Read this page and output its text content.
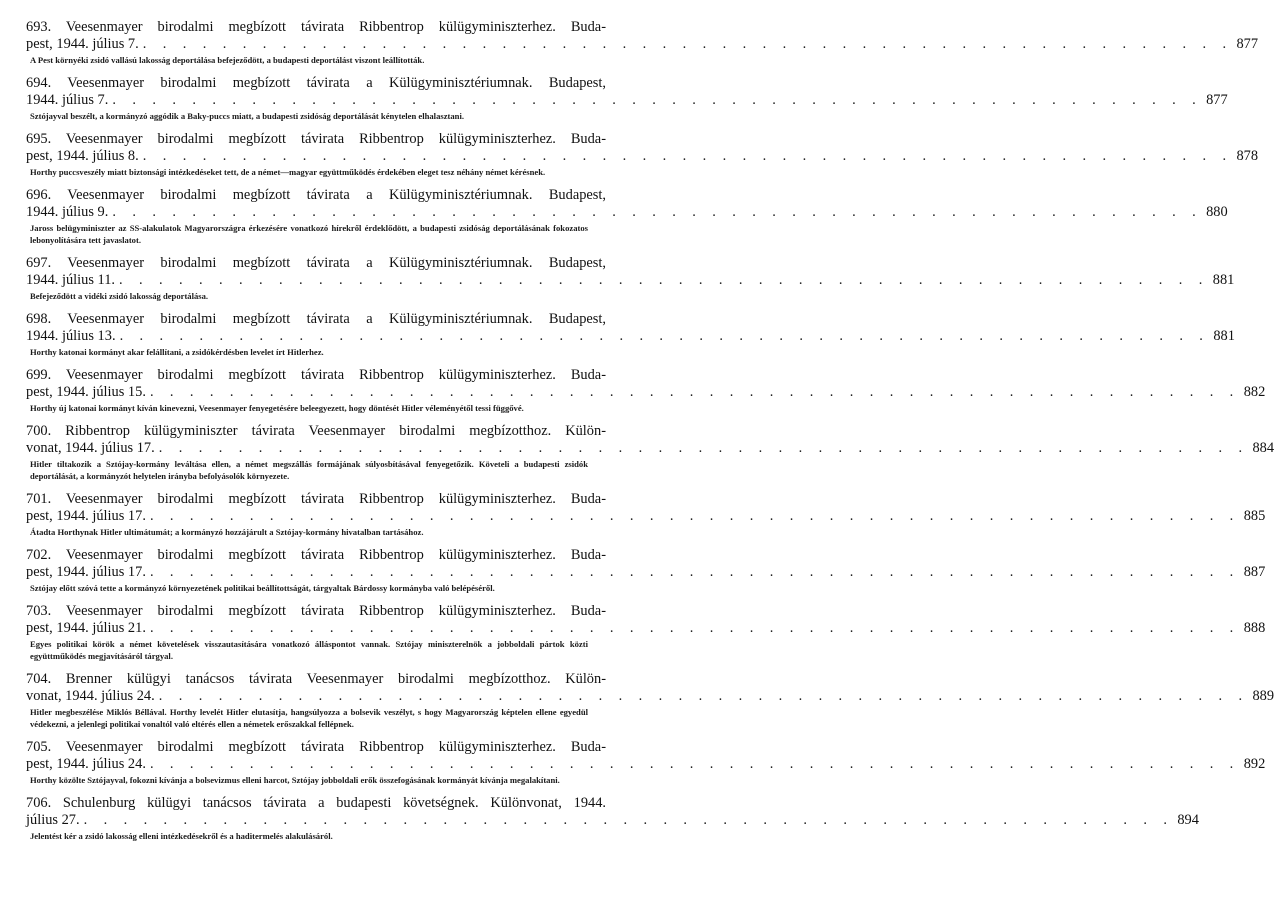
693. Veesenmayer birodalmi megbízott távirata Ribbentrop külügyminiszterhez. Buda-
pest, 1944. július 7. . . . . . . . . . . . . . . . . . . . . . . . . . . . . . . . . . . . . . . . . . . . . . . . . . . . . . . . 877
A Pest környéki zsidó vallású lakosság deportálása befejeződött, a budapesti deportálást viszont leállították.
694. Veesenmayer birodalmi megbízott távirata a Külügyminisztériumnak. Budapest,
1944. július 7. . . . . . . . . . . . . . . . . . . . . . . . . . . . . . . . . . . . . . . . . . . . . . . . . . . . . . . . 877
Sztójayval beszélt, a kormányzó aggódik a Baky-puccs miatt, a budapesti zsidóság deportálását kénytelen elhalasztani.
695. Veesenmayer birodalmi megbízott távirata Ribbentrop külügyminiszterhez. Buda-
pest, 1944. július 8. . . . . . . . . . . . . . . . . . . . . . . . . . . . . . . . . . . . . . . . . . . . . . . . . . . . . . . . 878
Horthy puccsveszély miatt biztonsági intézkedéseket tett, de a német—magyar együttműködés érdekében eleget tesz néhány német kérésnek.
696. Veesenmayer birodalmi megbízott távirata a Külügyminisztériumnak. Budapest,
1944. július 9. . . . . . . . . . . . . . . . . . . . . . . . . . . . . . . . . . . . . . . . . . . . . . . . . . . . . . . . 880
Jaross belügyminiszter az SS-alakulatok Magyarországra érkezésére vonatkozó hírekről érdeklődött, a budapesti zsidóság deportálásának fokozatos lebonyolítására tett javaslatot.
697. Veesenmayer birodalmi megbízott távirata a Külügyminisztériumnak. Budapest,
1944. július 11. . . . . . . . . . . . . . . . . . . . . . . . . . . . . . . . . . . . . . . . . . . . . . . . . . . . . . . . 881
Befejeződött a vidéki zsidó lakosság deportálása.
698. Veesenmayer birodalmi megbízott távirata a Külügyminisztériumnak. Budapest,
1944. július 13. . . . . . . . . . . . . . . . . . . . . . . . . . . . . . . . . . . . . . . . . . . . . . . . . . . . . . . . 881
Horthy katonai kormányt akar felállítani, a zsidókérdésben levelet írt Hitlerhez.
699. Veesenmayer birodalmi megbízott távirata Ribbentrop külügyminiszterhez. Buda-
pest, 1944. július 15. . . . . . . . . . . . . . . . . . . . . . . . . . . . . . . . . . . . . . . . . . . . . . . . . . . . . . . . 882
Horthy új katonai kormányt kíván kinevezni, Veesenmayer fenyegetésére beleegyezett, hogy döntését Hitler véleményétől tessi függővé.
700. Ribbentrop külügyminiszter távirata Veesenmayer birodalmi megbízotthoz. Külön-
vonat, 1944. július 17. . . . . . . . . . . . . . . . . . . . . . . . . . . . . . . . . . . . . . . . . . . . . . . . . . . . . . . . 884
Hitler tiltakozik a Sztójay-kormány leváltása ellen, a német megszállás formájának súlyosbításával fenyegetőzik. Követeli a budapesti zsidók deportálását, a kormányzót helytelen irányba befolyásolók környezete.
701. Veesenmayer birodalmi megbízott távirata Ribbentrop külügyminiszterhez. Buda-
pest, 1944. július 17. . . . . . . . . . . . . . . . . . . . . . . . . . . . . . . . . . . . . . . . . . . . . . . . . . . . . . . . 885
Átadta Horthynak Hitler ultimátumát; a kormányzó hozzájárult a Sztójay-kormány hivatalban tartásához.
702. Veesenmayer birodalmi megbízott távirata Ribbentrop külügyminiszterhez. Buda-
pest, 1944. július 17. . . . . . . . . . . . . . . . . . . . . . . . . . . . . . . . . . . . . . . . . . . . . . . . . . . . . . . . 887
Sztójay előtt szóvá tette a kormányzó környezetének politikai beállítottságát, tárgyaltak Bárdossy kormányba való belépéséről.
703. Veesenmayer birodalmi megbízott távirata Ribbentrop külügyminiszterhez. Buda-
pest, 1944. július 21. . . . . . . . . . . . . . . . . . . . . . . . . . . . . . . . . . . . . . . . . . . . . . . . . . . . . . . . 888
Egyes politikai körök a német követelések visszautasítására vonatkozó álláspontot vannak. Sztójay miniszterelnök a jobboldali pártok közti együttműködés megjavításáról tárgyal.
704. Brenner külügyi tanácsos távirata Veesenmayer birodalmi megbízotthoz. Külön-
vonat, 1944. július 24. . . . . . . . . . . . . . . . . . . . . . . . . . . . . . . . . . . . . . . . . . . . . . . . . . . . . . . . 889
Hitler megbeszélése Miklós Béllával. Horthy levelét Hitler elutasítja, hangsúlyozza a bolsevik veszélyt, s hogy Magyarország képtelen ellene egyedül védekezni, a jelenlegi politikai vonaltól való eltérés ellen a németek erőszakkal fellépnek.
705. Veesenmayer birodalmi megbízott távirata Ribbentrop külügyminiszterhez. Buda-
pest, 1944. július 24. . . . . . . . . . . . . . . . . . . . . . . . . . . . . . . . . . . . . . . . . . . . . . . . . . . . . . . . 892
Horthy közölte Sztójayval, fokozni kívánja a bolsevizmus elleni harcot, Sztójay jobboldali erők összefogásának kormányát kívánja megalakítani.
706. Schulenburg külügyi tanácsos távirata a budapesti követségnek. Különvonat, 1944.
július 27. . . . . . . . . . . . . . . . . . . . . . . . . . . . . . . . . . . . . . . . . . . . . . . . . . . . . . . . 894
Jelentést kér a zsidó lakosság elleni intézkedésekről és a haditermelés alakulásáról.
